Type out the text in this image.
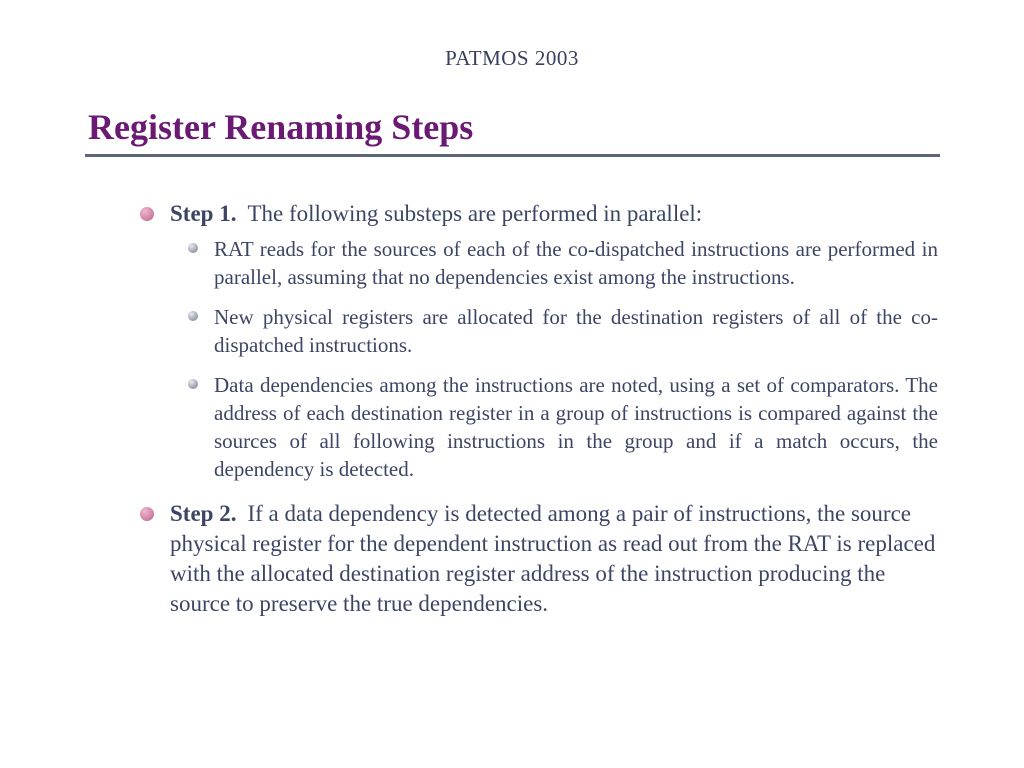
PATMOS 2003
Register Renaming Steps
Step 1. The following substeps are performed in parallel:
RAT reads for the sources of each of the co-dispatched instructions are performed in parallel, assuming that no dependencies exist among the instructions.
New physical registers are allocated for the destination registers of all of the co-dispatched instructions.
Data dependencies among the instructions are noted, using a set of comparators. The address of each destination register in a group of instructions is compared against the sources of all following instructions in the group and if a match occurs, the dependency is detected.
Step 2. If a data dependency is detected among a pair of instructions, the source physical register for the dependent instruction as read out from the RAT is replaced with the allocated destination register address of the instruction producing the source to preserve the true dependencies.
